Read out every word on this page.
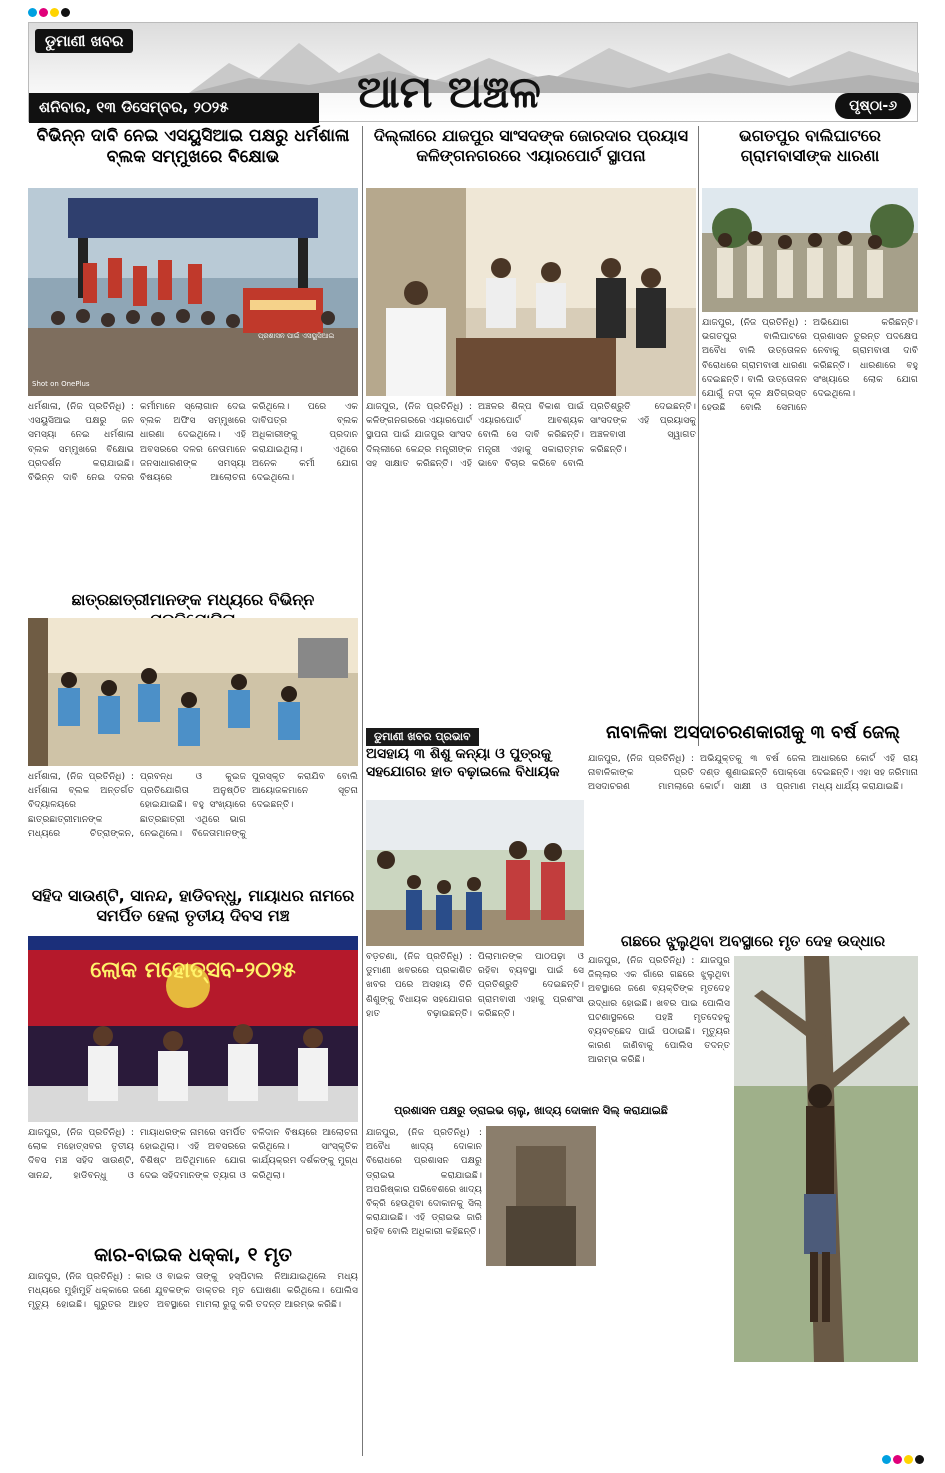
ଡୁମାଣୀ ଖବର
ଶନିବାର, ୧୩ ଡିସେମ୍ବର, ୨୦୨୫	ଆମ ଅଞ୍ଚଳ	ପୃଷ୍ଠା-୬
ବିଭିନ୍ନ ଦାବି ନେଇ ଏସୟୁସିଆଇ ପକ୍ଷରୁ ଧର୍ମଶାଳା ବ୍ଲକ ସମ୍ମୁଖରେ ବିକ୍ଷୋଭ
ପ୍ରଶାସନ ପାଇଁ ଏସୟୁସିଆଇ
Shot on OnePlus
ଧର୍ମଶାଳା, (ନିଜ ପ୍ରତିନିଧି) : ଏସୟୁସିଆଇ ପକ୍ଷରୁ ଜନ ସମସ୍ୟା ନେଇ ଧର୍ମଶାଳା ବ୍ଲକ ସମ୍ମୁଖରେ ବିକ୍ଷୋଭ ପ୍ରଦର୍ଶନ କରାଯାଇଛି। ବିଭିନ୍ନ ଦାବି ନେଇ ଦଳର କର୍ମୀମାନେ ସ୍ଲୋଗାନ ଦେଇ ବ୍ଲକ ଅଫିସ ସମ୍ମୁଖରେ ଧାରଣା ଦେଇଥିଲେ। ଏହି ଅବସରରେ ଦଳର ନେତାମାନେ ଜନସାଧାରଣଙ୍କ ସମସ୍ୟା ବିଷୟରେ ଆଲୋଚନା କରିଥିଲେ। ପରେ ଏକ ଦାବିପତ୍ର ବ୍ଲକ ଅଧିକାରୀଙ୍କୁ ପ୍ରଦାନ କରାଯାଇଥିଲା। ଏଥିରେ ଅନେକ କର୍ମୀ ଯୋଗ ଦେଇଥିଲେ।
ଛାତ୍ରଛାତ୍ରୀମାନଙ୍କ ମଧ୍ୟରେ ବିଭିନ୍ନ
ଧର୍ମଶାଳା, (ନିଜ ପ୍ରତିନିଧି) : ଧର୍ମଶାଳା ବ୍ଲକ ଅନ୍ତର୍ଗତ ବିଦ୍ୟାଳୟରେ ଛାତ୍ରଛାତ୍ରୀମାନଙ୍କ ମଧ୍ୟରେ ଚିତ୍ରାଙ୍କନ, ପ୍ରବନ୍ଧ ଓ କୁଇଜ ପ୍ରତିଯୋଗିତା ଅନୁଷ୍ଠିତ ହୋଇଯାଇଛି। ବହୁ ସଂଖ୍ୟାରେ ଛାତ୍ରଛାତ୍ରୀ ଏଥିରେ ଭାଗ ନେଇଥିଲେ। ବିଜେତାମାନଙ୍କୁ ପୁରସ୍କୃତ କରାଯିବ ବୋଲି ଆୟୋଜକମାନେ ସୂଚନା ଦେଇଛନ୍ତି।
ସହିଦ ସାଉଣ୍ଟି, ସାନନ୍ଦ, ହାଡିବନ୍ଧୁ, ମାୟାଧର ନାମରେ ସମର୍ପିତ ହେଲା ତୃତୀୟ ଦିବସ ମଞ୍ଚ
ଲୋକ ମହୋତ୍ସବ-୨୦୨୫
ଯାଜପୁର, (ନିଜ ପ୍ରତିନିଧି) : ଲୋକ ମହୋତ୍ସବର ତୃତୀୟ ଦିବସ ମଞ୍ଚ ସହିଦ ସାଉଣ୍ଟି, ସାନନ୍ଦ, ହାଡିବନ୍ଧୁ ଓ ମାୟାଧରଙ୍କ ନାମରେ ସମର୍ପିତ ହୋଇଥିଲା। ଏହି ଅବସରରେ ବିଶିଷ୍ଟ ଅତିଥିମାନେ ଯୋଗ ଦେଇ ସହିଦମାନଙ୍କ ତ୍ୟାଗ ଓ ବଳିଦାନ ବିଷୟରେ ଆଲୋଚନା କରିଥିଲେ। ସାଂସ୍କୃତିକ କାର୍ଯ୍ୟକ୍ରମ ଦର୍ଶକଙ୍କୁ ମୁଗ୍ଧ କରିଥିଲା।
କାର-ବାଇକ ଧକ୍କା, ୧ ମୃତ
ଯାଜପୁର, (ନିଜ ପ୍ରତିନିଧି) : କାର ଓ ବାଇକ ମଧ୍ୟରେ ମୁହାଁମୁହିଁ ଧକ୍କାରେ ଜଣେ ଯୁବକଙ୍କ ମୃତ୍ୟୁ ହୋଇଛି। ଗୁରୁତର ଆହତ ଅବସ୍ଥାରେ ତାଙ୍କୁ ହସ୍ପିଟାଲ ନିଆଯାଇଥିଲେ ମଧ୍ୟ ଡାକ୍ତର ମୃତ ଘୋଷଣା କରିଥିଲେ। ପୋଲିସ ମାମଲା ରୁଜୁ କରି ତଦନ୍ତ ଆରମ୍ଭ କରିଛି।
ଦିଲ୍ଲୀରେ ଯାଜପୁର ସାଂସଦଙ୍କ ଜୋରଦାର ପ୍ରୟାସ କଳିଙ୍ଗନଗରରେ ଏୟାରପୋର୍ଟ ସ୍ଥାପନା
ଯାଜପୁର, (ନିଜ ପ୍ରତିନିଧି) : କଳିଙ୍ଗନଗରରେ ଏୟାରପୋର୍ଟ ସ୍ଥାପନା ପାଇଁ ଯାଜପୁର ସାଂସଦ ଦିଲ୍ଲୀରେ କେନ୍ଦ୍ର ମନ୍ତ୍ରୀଙ୍କ ସହ ସାକ୍ଷାତ କରିଛନ୍ତି। ଏହି ଅଞ୍ଚଳର ଶିଳ୍ପ ବିକାଶ ପାଇଁ ଏୟାରପୋର୍ଟ ଆବଶ୍ୟକ ବୋଲି ସେ ଦାବି କରିଛନ୍ତି। ମନ୍ତ୍ରୀ ଏହାକୁ ସକାରାତ୍ମକ ଭାବେ ବିଚାର କରିବେ ବୋଲି ପ୍ରତିଶ୍ରୁତି ଦେଇଛନ୍ତି। ସାଂସଦଙ୍କ ଏହି ପ୍ରୟାସକୁ ଅଞ୍ଚଳବାସୀ ସ୍ୱାଗତ କରିଛନ୍ତି।
ଡୁମାଣୀ ଖବର ପ୍ରଭାବ
ଅସହାୟ ୩ ଶିଶୁ କନ୍ୟା ଓ ପୁତ୍ରକୁ ସହଯୋଗର ହାତ ବଢ଼ାଇଲେ ବିଧାୟକ
ବଡ଼ଚଣା, (ନିଜ ପ୍ରତିନିଧି) : ଡୁମାଣୀ ଖବରରେ ପ୍ରକାଶିତ ଖବର ପରେ ଅସହାୟ ତିନି ଶିଶୁଙ୍କୁ ବିଧାୟକ ସହଯୋଗର ହାତ ବଢ଼ାଇଛନ୍ତି। ପିଲାମାନଙ୍କ ପାଠପଢ଼ା ଓ ରହିବା ବ୍ୟବସ୍ଥା ପାଇଁ ସେ ପ୍ରତିଶ୍ରୁତି ଦେଇଛନ୍ତି। ଗ୍ରାମବାସୀ ଏହାକୁ ପ୍ରଶଂସା କରିଛନ୍ତି।
ପ୍ରଶାସନ ପକ୍ଷରୁ ଡ୍ରାଇଭ ଚାଲୁ, ଖାଦ୍ୟ ଦୋକାନ ସିଲ୍ କରାଯାଇଛି
ଯାଜପୁର, (ନିଜ ପ୍ରତିନିଧି) : ଅବୈଧ ଖାଦ୍ୟ ଦୋକାନ ବିରୋଧରେ ପ୍ରଶାସନ ପକ୍ଷରୁ ଡ୍ରାଇଭ କରାଯାଇଛି। ଅପରିଷ୍କାର ପରିବେଶରେ ଖାଦ୍ୟ ବିକ୍ରି ହେଉଥିବା ଦୋକାନକୁ ସିଲ୍ କରାଯାଇଛି। ଏହି ଡ୍ରାଇଭ ଜାରି ରହିବ ବୋଲି ଅଧିକାରୀ କହିଛନ୍ତି।
ଭଗତପୁର ବାଲିଘାଟରେ ଗ୍ରାମବାସୀଙ୍କ ଧାରଣା
ଯାଜପୁର, (ନିଜ ପ୍ରତିନିଧି) : ଭଗତପୁର ବାଲିଘାଟରେ ଅବୈଧ ବାଲି ଉତ୍ତୋଳନ ବିରୋଧରେ ଗ୍ରାମବାସୀ ଧାରଣା ଦେଇଛନ୍ତି। ବାଲି ଉତ୍ତୋଳନ ଯୋଗୁଁ ନଦୀ କୂଳ କ୍ଷତିଗ୍ରସ୍ତ ହେଉଛି ବୋଲି ସେମାନେ ଅଭିଯୋଗ କରିଛନ୍ତି। ପ୍ରଶାସନ ତୁରନ୍ତ ପଦକ୍ଷେପ ନେବାକୁ ଗ୍ରାମବାସୀ ଦାବି କରିଛନ୍ତି। ଧାରଣାରେ ବହୁ ସଂଖ୍ୟାରେ ଲୋକ ଯୋଗ ଦେଇଥିଲେ।
ନାବାଳିକା ଅସଦାଚରଣକାରୀକୁ ୩ ବର୍ଷ ଜେଲ୍
ଯାଜପୁର, (ନିଜ ପ୍ରତିନିଧି) : ନାବାଳିକାଙ୍କ ପ୍ରତି ଅସଦାଚରଣ ମାମଲାରେ ଅଭିଯୁକ୍ତକୁ ୩ ବର୍ଷ ଜେଲ ଦଣ୍ଡ ଶୁଣାଇଛନ୍ତି ପୋକ୍ସୋ କୋର୍ଟ। ସାକ୍ଷୀ ଓ ପ୍ରମାଣ ଆଧାରରେ କୋର୍ଟ ଏହି ରାୟ ଦେଇଛନ୍ତି। ଏହା ସହ ଜରିମାନା ମଧ୍ୟ ଧାର୍ଯ୍ୟ କରାଯାଇଛି।
ଗଛରେ ଝୁଲୁଥିବା ଅବସ୍ଥାରେ ମୃତ ଦେହ ଉଦ୍ଧାର
ଯାଜପୁର, (ନିଜ ପ୍ରତିନିଧି) : ଯାଜପୁର ଜିଲ୍ଲାର ଏକ ଗାଁରେ ଗଛରେ ଝୁଲୁଥିବା ଅବସ୍ଥାରେ ଜଣେ ବ୍ୟକ୍ତିଙ୍କ ମୃତଦେହ ଉଦ୍ଧାର ହୋଇଛି। ଖବର ପାଇ ପୋଲିସ ଘଟଣାସ୍ଥଳରେ ପହଞ୍ଚି ମୃତଦେହକୁ ବ୍ୟବଚ୍ଛେଦ ପାଇଁ ପଠାଇଛି। ମୃତ୍ୟୁର କାରଣ ଜାଣିବାକୁ ପୋଲିସ ତଦନ୍ତ ଆରମ୍ଭ କରିଛି।
